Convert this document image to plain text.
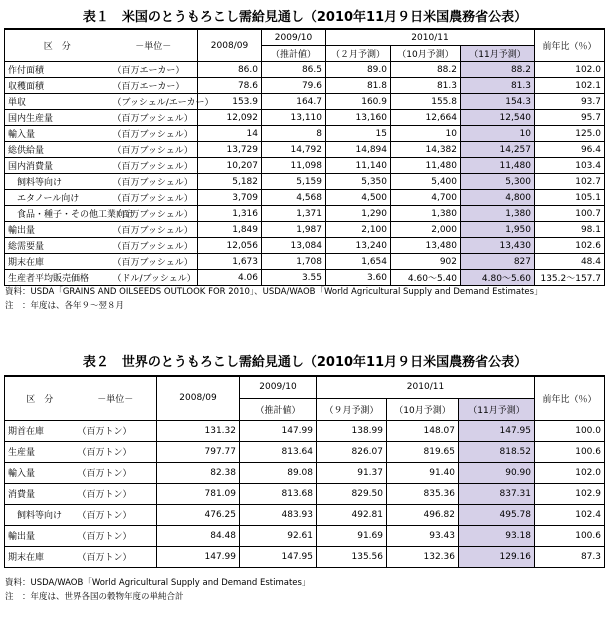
表１　米国のとうもろこし需給見通し（2010年11月９日米国農務省公表）
区　分	－単位－	2008/09	2009/10	2010/11			前年比（％）
			（推計値）	（２月予測）	（10月予測）	（11月予測）	
作付面積	（百万エーカー）	86.0	86.5	89.0	88.2	88.2	102.0
収穫面積	（百万エーカー）	78.6	79.6	81.8	81.3	81.3	102.1
単収	（ブッシェル/エーカー）	153.9	164.7	160.9	155.8	154.3	93.7
国内生産量	（百万ブッシェル）	12,092	13,110	13,160	12,664	12,540	95.7
輸入量	（百万ブッシェル）	14	8	15	10	10	125.0
総供給量	（百万ブッシェル）	13,729	14,792	14,894	14,382	14,257	96.4
国内消費量	（百万ブッシェル）	10,207	11,098	11,140	11,480	11,480	103.4
飼料等向け	（百万ブッシェル）	5,182	5,159	5,350	5,400	5,300	102.7
エタノール向け	（百万ブッシェル）	3,709	4,568	4,500	4,700	4,800	105.1
食品・種子・その他工業向け	（百万ブッシェル）	1,316	1,371	1,290	1,380	1,380	100.7
輸出量	（百万ブッシェル）	1,849	1,987	2,100	2,000	1,950	98.1
総需要量	（百万ブッシェル）	12,056	13,084	13,240	13,480	13,430	102.6
期末在庫	（百万ブッシェル）	1,673	1,708	1,654	902	827	48.4
生産者平均販売価格	（ドル/ブッシェル）	4.06	3.55	3.60	4.60～5.40	4.80～5.60	135.2～157.7
資料：USDA「GRAINS AND OILSEEDS OUTLOOK FOR 2010」、USDA/WAOB「World Agricultural Supply and Demand Estimates」
注　：年度は、各年９～翌８月
表２　世界のとうもろこし需給見通し（2010年11月９日米国農務省公表）
区　分	－単位－	2008/09	2009/10	2010/11			前年比（％）
			（推計値）	（９月予測）	（10月予測）	（11月予測）	
期首在庫	（百万トン）	131.32	147.99	138.99	148.07	147.95	100.0
生産量	（百万トン）	797.77	813.64	826.07	819.65	818.52	100.6
輸入量	（百万トン）	82.38	89.08	91.37	91.40	90.90	102.0
消費量	（百万トン）	781.09	813.68	829.50	835.36	837.31	102.9
飼料等向け	（百万トン）	476.25	483.93	492.81	496.82	495.78	102.4
輸出量	（百万トン）	84.48	92.61	91.69	93.43	93.18	100.6
期末在庫	（百万トン）	147.99	147.95	135.56	132.36	129.16	87.3
資料：USDA/WAOB「World Agricultural Supply and Demand Estimates」
注　：年度は、世界各国の穀物年度の単純合計
